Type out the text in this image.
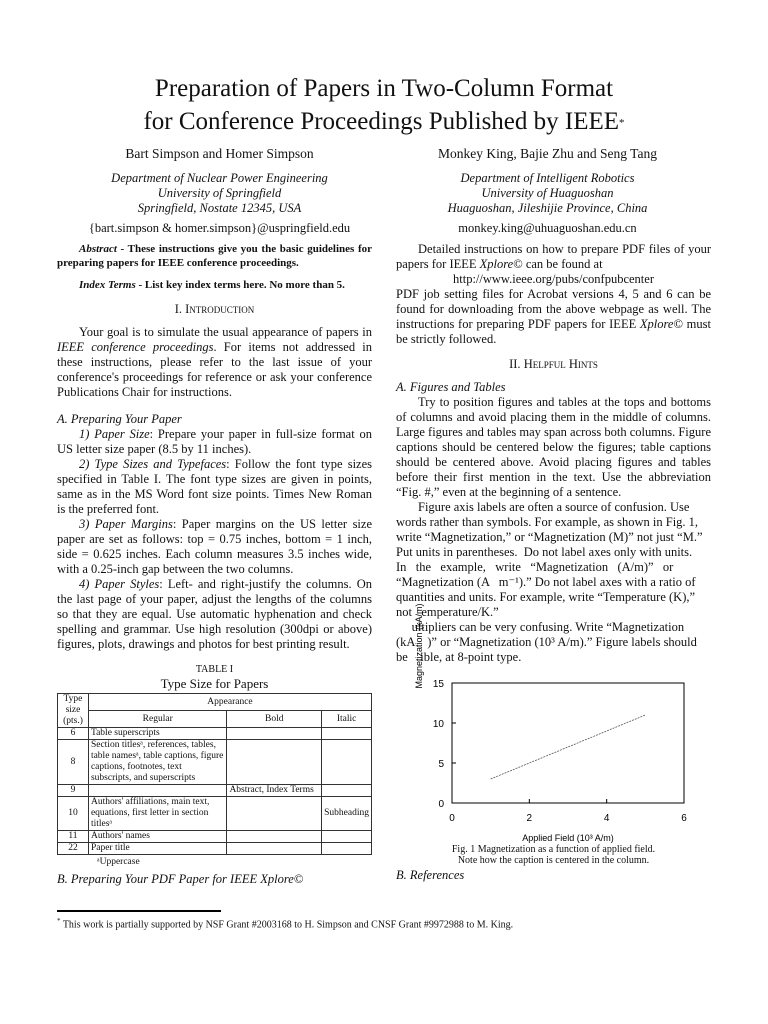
Preparation of Papers in Two-Column Format
for Conference Proceedings Published by IEEE*
Bart Simpson and Homer Simpson
Department of Nuclear Power Engineering
University of Springfield
Springfield, Nostate 12345, USA
{bart.simpson & homer.simpson}@uspringfield.edu
Monkey King, Bajie Zhu and Seng Tang
Department of Intelligent Robotics
University of Huaguoshan
Huaguoshan, Jileshijie Province, China
monkey.king@uhuaguoshan.edu.cn

Abstract - These instructions give you the basic guidelines for preparing papers for IEEE conference proceedings.

Index Terms - List key index terms here. No more than 5.

I. Introduction

Your goal is to simulate the usual appearance of papers in IEEE conference proceedings. For items not addressed in these instructions, please refer to the last issue of your conference's proceedings for reference or ask your conference Publications Chair for instructions.

A. Preparing Your Paper

1) Paper Size: Prepare your paper in full-size format on US letter size paper (8.5 by 11 inches).

2) Type Sizes and Typefaces: Follow the font type sizes specified in Table I. The font type sizes are given in points, same as in the MS Word font size points. Times New Roman is the preferred font.

3) Paper Margins: Paper margins on the US letter size paper are set as follows: top = 0.75 inches, bottom = 1 inch, side = 0.625 inches. Each column measures 3.5 inches wide, with a 0.25-inch gap between the two columns.

4) Paper Styles: Left- and right-justify the columns. On the last page of your paper, adjust the lengths of the columns so that they are equal. Use automatic hyphenation and check spelling and grammar. Use high resolution (300dpi or above) figures, plots, drawings and photos for best printing result.

TABLE I
Type Size for Papers
Type size (pts.)	Appearance		
	Regular	Bold	Italic
6	Table superscripts		
8	Section titlesᵃ, references, tables, table namesᵃ, table captions, figure captions, footnotes, text subscripts, and superscripts		
9		Abstract, Index Terms	
10	Authors' affiliations, main text, equations, first letter in section titlesᵃ		Subheading
11	Authors' names		
22	Paper title		
ᵃUppercase
B. Preparing Your PDF Paper for IEEE Xplore©

Detailed instructions on how to prepare PDF files of your papers for IEEE Xplore© can be found at

http://www.ieee.org/pubs/confpubcenter

PDF job setting files for Acrobat versions 4, 5 and 6 can be found for downloading from the above webpage as well. The instructions for preparing PDF papers for IEEE Xplore© must be strictly followed.

II. Helpful Hints
A. Figures and Tables

Try to position figures and tables at the tops and bottoms of columns and avoid placing them in the middle of columns. Large figures and tables may span across both columns. Figure captions should be centered below the figures; table captions should be centered above. Avoid placing figures and tables before their first mention in the text. Use the abbreviation “Fig. #,” even at the beginning of a sentence.

Figure axis labels are often a source of confusion. Use
words rather than symbols. For example, as shown in Fig. 1,
write “Magnetization,” or “Magnetization (M)” not just “M.”
Put units in parentheses.  Do not label axes only with units.
In   the   example,   write   “Magnetization   (A/m)”   or
“Magnetization (A   m⁻¹).” Do not label axes with a ratio of
quantities and units. For example, write “Temperature (K),”
not   emperature/K.”
ultipliers can be very confusing. Write “Magnetization
(kA    )” or “Magnetization (10³ A/m).” Figure labels should
be    ible, at 8-point type.
0	2	4	6
0
5
10
15
Applied Field (10³ A/m)
Magnetization (kA/m)
Fig. 1 Magnetization as a function of applied field.
Note how the caption is centered in the column.
B. References
* This work is partially supported by NSF Grant #2003168 to H. Simpson and CNSF Grant #9972988 to M. King.
